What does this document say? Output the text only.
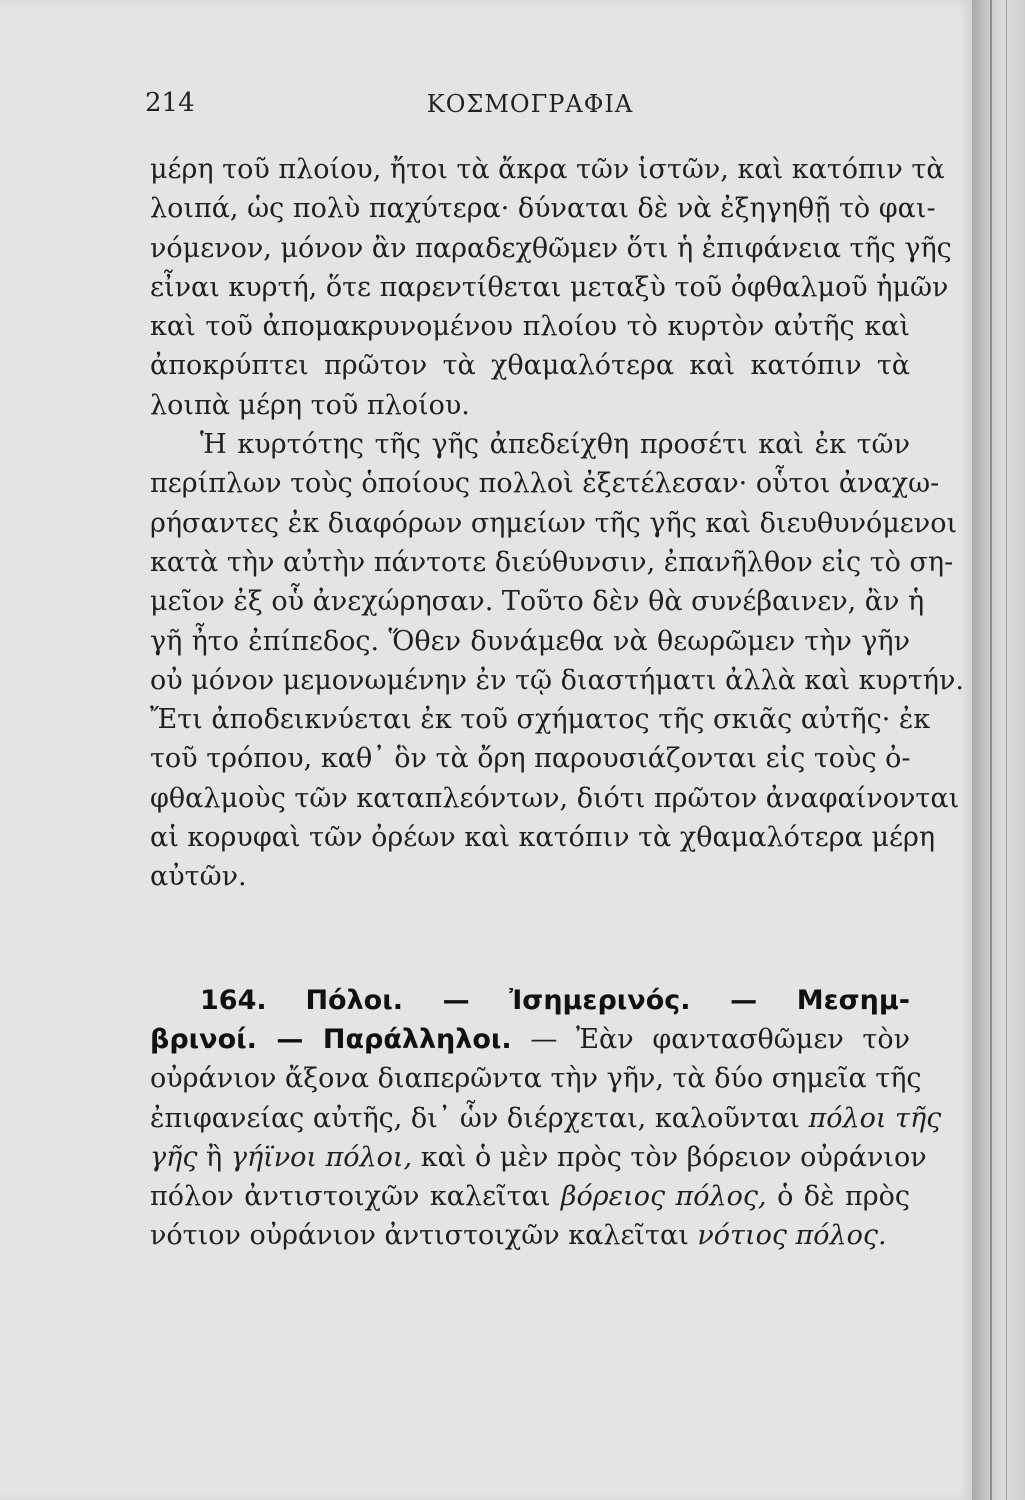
214	ΚΟΣΜΟΓΡΑΦΙΑ
μέρη τοῦ πλοίου, ἤτοι τὰ ἄκρα τῶν ἱστῶν, καὶ κατόπιν τὰ
λοιπά, ὡς πολὺ παχύτερα· δύναται δὲ νὰ ἐξηγηθῇ τὸ φαι-
νόμενον, μόνον ἂν παραδεχθῶμεν ὅτι ἡ ἐπιφάνεια τῆς γῆς
εἶναι κυρτή, ὅτε παρεντίθεται μεταξὺ τοῦ ὀφθαλμοῦ ἡμῶν
καὶ τοῦ ἀπομακρυνομένου πλοίου τὸ κυρτὸν αὐτῆς καὶ
ἀποκρύπτει πρῶτον τὰ χθαμαλότερα καὶ κατόπιν τὰ
λοιπὰ μέρη τοῦ πλοίου.
Ἡ κυρτότης τῆς γῆς ἀπεδείχθη προσέτι καὶ ἐκ τῶν
περίπλων τοὺς ὁποίους πολλοὶ ἐξετέλεσαν· οὗτοι ἀναχω-
ρήσαντες ἐκ διαφόρων σημείων τῆς γῆς καὶ διευθυνόμενοι
κατὰ τὴν αὐτὴν πάντοτε διεύθυνσιν, ἐπανῆλθον εἰς τὸ ση-
μεῖον ἐξ οὗ ἀνεχώρησαν. Τοῦτο δὲν θὰ συνέβαινεν, ἂν ἡ
γῆ ἦτο ἐπίπεδος. Ὅθεν δυνάμεθα νὰ θεωρῶμεν τὴν γῆν
οὐ μόνον μεμονωμένην ἐν τῷ διαστήματι ἀλλὰ καὶ κυρτήν.
Ἔτι ἀποδεικνύεται ἐκ τοῦ σχήματος τῆς σκιᾶς αὐτῆς· ἐκ
τοῦ τρόπου, καθ᾽ ὃν τὰ ὄρη παρουσιάζονται εἰς τοὺς ὀ-
φθαλμοὺς τῶν καταπλεόντων, διότι πρῶτον ἀναφαίνονται
αἱ κορυφαὶ τῶν ὀρέων καὶ κατόπιν τὰ χθαμαλότερα μέρη
αὐτῶν.
164. Πόλοι. — Ἰσημερινός. — Μεσημ-
βρινοί. — Παράλληλοι. — Ἐὰν φαντασθῶμεν τὸν
οὐράνιον ἄξονα διαπερῶντα τὴν γῆν, τὰ δύο σημεῖα τῆς
ἐπιφανείας αὐτῆς, δι᾽ ὧν διέρχεται, καλοῦνται πόλοι τῆς
γῆς ἢ γήϊνοι πόλοι, καὶ ὁ μὲν πρὸς τὸν βόρειον οὐράνιον
πόλον ἀντιστοιχῶν καλεῖται βόρειος πόλος, ὁ δὲ πρὸς
νότιον οὐράνιον ἀντιστοιχῶν καλεῖται νότιος πόλος.
